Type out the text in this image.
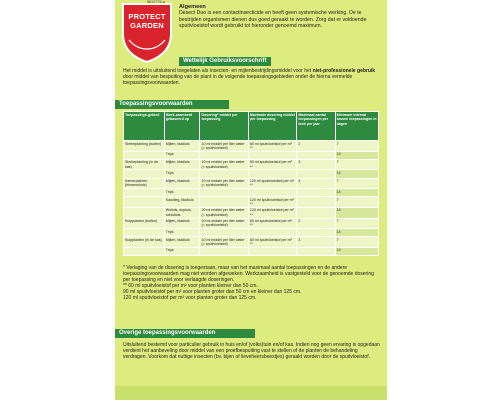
PROTECT
GARDEN
Algemeen
Desect Duo is een contactinsecticide en heeft geen systemische werking. De te bestrijden organismen dienen dus goed geraakt te worden. Zorg dat er voldoende spuitvloeistof wordt gebruikt tot hieronder genoemd maximum.
Wettelijk Gebruiksvoorschrift
Het middel is uitsluitend toegelaten als insecten- en mijtenbestrijdingsmiddel voor het niet-professionele gebruik door middel van bespuiting van de plant in de volgende toepassingsgebieden onder de hierna vermelde toepassingsvoorwaarden.
Toepassingsvoorwaarden
Toepassings-gebied	Werk-zaamheid gebaseerd op	Dosering* middel per toepassing	Maximale dosering middel per toepassing	Maximaal aantal toepassingen per teelt per jaar	Minimum interval tussen toepassingen in dagen
Sierbeplanting (buiten)	Mijten, bladluis	10 ml middel per liter water (= spuitvloeistof)	60 ml spuitvloeistof per m² **	2	7
	Trips				14
Sierbeplanting (in de kas)	Mijten, bladluis	10 ml middel per liter water (= spuitvloeistof)	60 ml spuitvloeistof per m² **	3	7
	Trips				14
Kamerplanten (binnenshuis)	Mijten, bladluis	10 ml middel per liter water (= spuitvloeistof)	120 ml spuitvloeistof per m² **	4	7
	Trips				14
	Kasvlieg, bladluis		120 ml spuitvloeistof per m² **		7
	Wolluis, dopluis, schildluis	20 ml middel per liter water (= spuitvloeistof)	120 ml spuitvloeistof per m² **		14
Kuipplanten (buiten)	Mijten, bladluis	10 ml middel per liter water (= spuitvloeistof)	60 ml spuitvloeistof per m² **	2	7
	Trips				14
Kuipplanten (in de kas)	Mijten, bladluis	10 ml middel per liter water (= spuitvloeistof)	60 ml spuitvloeistof per m² **	3	7
	Trips				14
* Verlaging van de dosering is toegestaan, maar van het maximaal aantal toepassingen en de andere toepassingsvoorwaarden mag niet worden afgeweken. Werkzaamheid is vastgesteld voor de genoemde dosering per toepassing en niet voor verlaagde doseringen.
** 60 ml spuitvloeistof per m² voor planten kleiner dan 50 cm.
90 ml spuitvloeistof per m² voor planten groter dan 50 cm en kleiner dan 125 cm.
120 ml spuitvloeistof per m² voor planten groter dan 125 cm.
Overige toepassingsvoorwaarden
Uitsluitend bestemd voor particulier gebruik in huis en/of (volks)tuin en/of kas. Indien nog geen ervaring is opgedaan verdient het aanbeveling door middel van een proefbespuiting vast te stellen of de planten de behandeling verdragen. Voorkom dat nuttige insecten (bv. bijen of lieveheersbeestjes) geraakt worden door de spuitvloeistof.
5612776-a
